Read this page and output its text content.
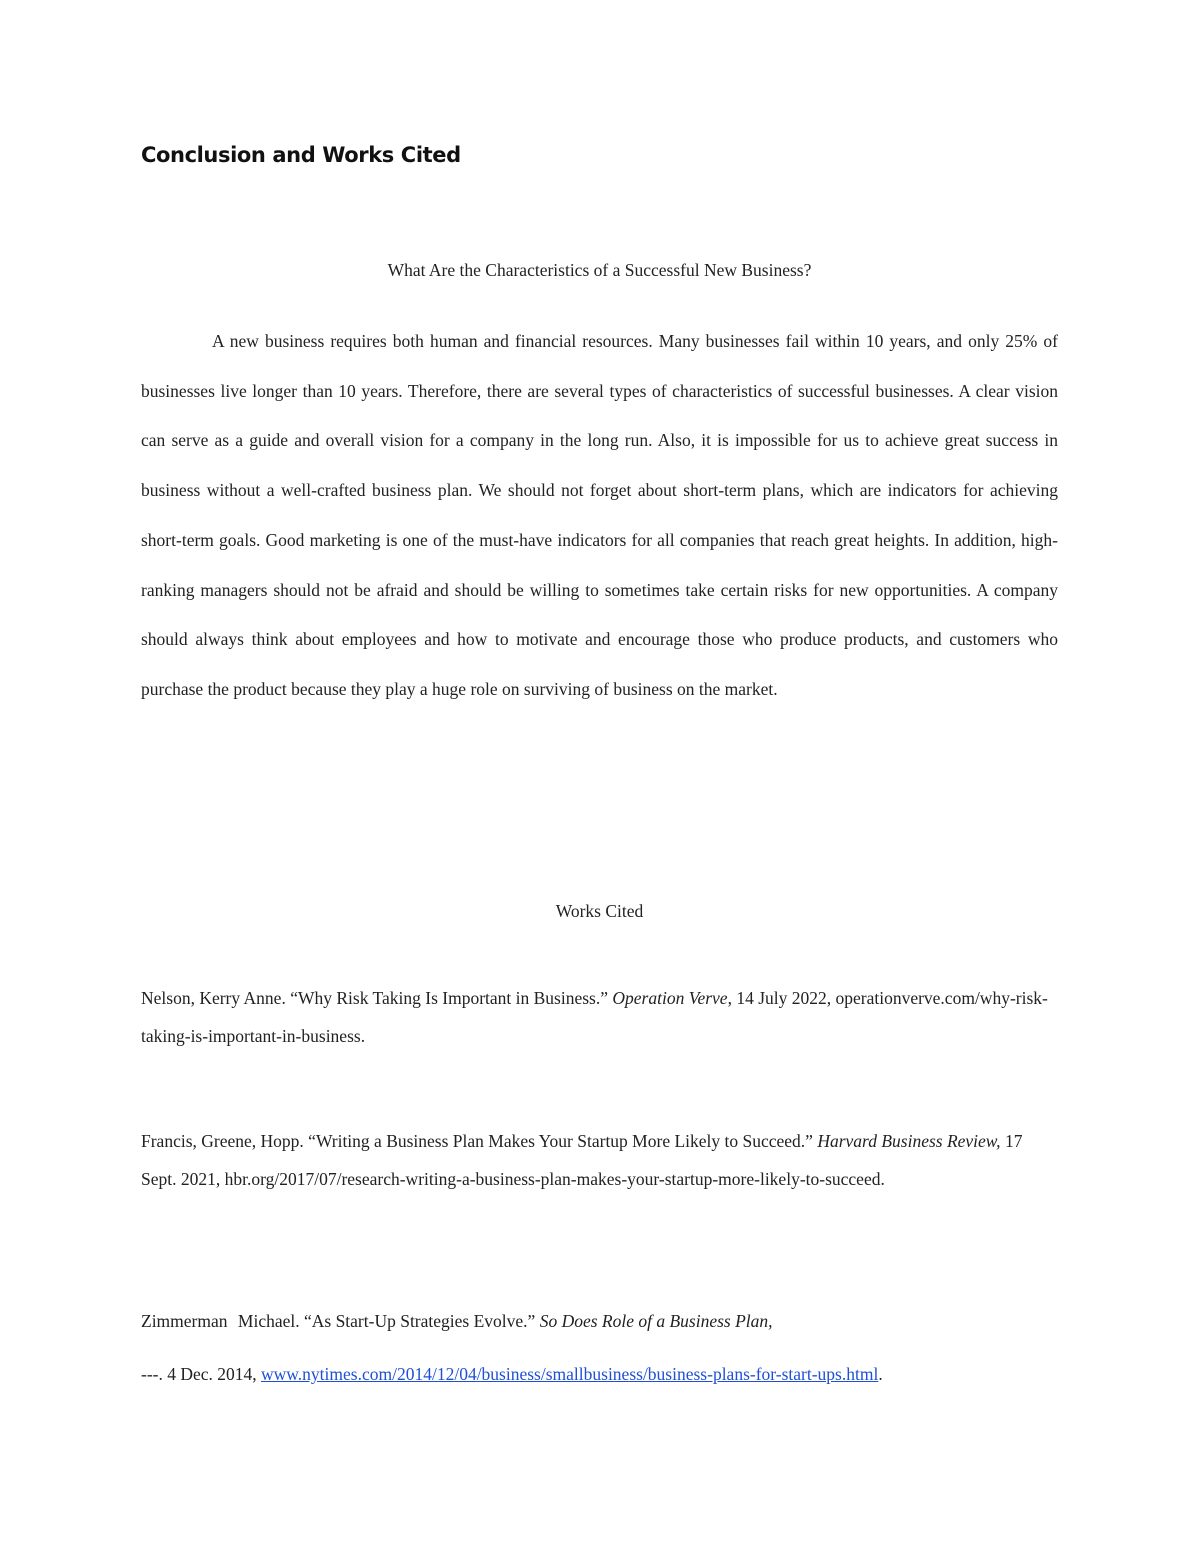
Conclusion and Works Cited
What Are the Characteristics of a Successful New Business?

A new business requires both human and financial resources. Many businesses fail within 10 years, and only 25% of businesses live longer than 10 years. Therefore, there are several types of characteristics of successful businesses. A clear vision can serve as a guide and overall vision for a company in the long run. Also, it is impossible for us to achieve great success in business without a well-crafted business plan. We should not forget about short-term plans, which are indicators for achieving short-term goals. Good marketing is one of the must-have indicators for all companies that reach great heights. In addition, high-ranking managers should not be afraid and should be willing to sometimes take certain risks for new opportunities. A company should always think about employees and how to motivate and encourage those who produce products, and customers who purchase the product because they play a huge role on surviving of business on the market.

Works Cited

Nelson, Kerry Anne. “Why Risk Taking Is Important in Business.” Operation Verve, 14 July 2022, operationverve.com/why-risk-taking-is-important-in-business.

Francis, Greene, Hopp. “Writing a Business Plan Makes Your Startup More Likely to Succeed.” Harvard Business Review, 17 Sept. 2021, hbr.org/2017/07/research-writing-a-business-plan-makes-your-startup-more-likely-to-succeed.

Zimmerman Michael. “As Start-Up Strategies Evolve.” So Does Role of a Business Plan,

---. 4 Dec. 2014, www.nytimes.com/2014/12/04/business/smallbusiness/business-plans-for-start-ups.html.
